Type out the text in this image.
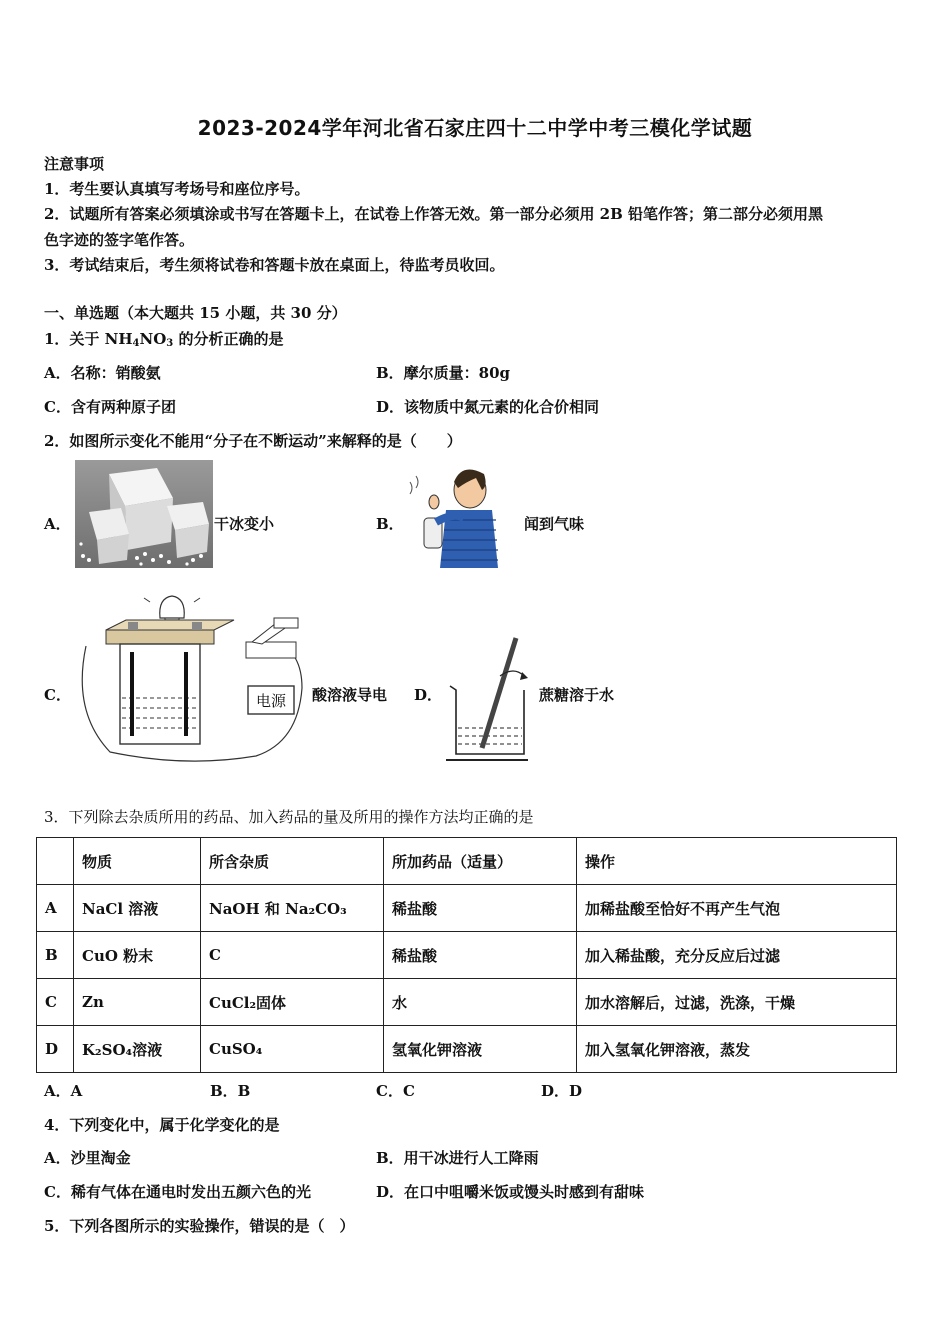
2023-2024学年河北省石家庄四十二中学中考三模化学试题
注意事项
1．考生要认真填写考场号和座位序号。
2．试题所有答案必须填涂或书写在答题卡上，在试卷上作答无效。第一部分必须用 2B 铅笔作答；第二部分必须用黑
色字迹的签字笔作答。
3．考试结束后，考生须将试卷和答题卡放在桌面上，待监考员收回。
一、单选题（本大题共 15 小题，共 30 分）
1．关于 $NH_4NO_3$ 的分析正确的是
A．名称：销酸氨	B．摩尔质量：80g
C．含有两种原子团	D．该物质中氮元素的化合价相同
2．如图所示变化不能用“分子在不断运动”来解释的是（　　）
A．	干冰变小	B．	闻到气味
C．	电源 酸溶液导电 D．	蔗糖溶于水
3．下列除去杂质所用的药品、加入药品的量及所用的操作方法均正确的是
	物质	所含杂质	所加药品（适量）	操作
A	NaCl 溶液	NaOH 和 Na₂CO₃	稀盐酸	加稀盐酸至恰好不再产生气泡
B	CuO 粉末	C	稀盐酸	加入稀盐酸，充分反应后过滤
C	Zn	CuCl₂固体	水	加水溶解后，过滤，洗涤，干燥
D	K₂SO₄溶液	CuSO₄	氢氧化钾溶液	加入氢氧化钾溶液，蒸发
A．A	B．B	C．C	D．D
4．下列变化中，属于化学变化的是
A．沙里淘金	B．用干冰进行人工降雨
C．稀有气体在通电时发出五颜六色的光	D．在口中咀嚼米饭或馒头时感到有甜味
5．下列各图所示的实验操作，错误的是（　）
